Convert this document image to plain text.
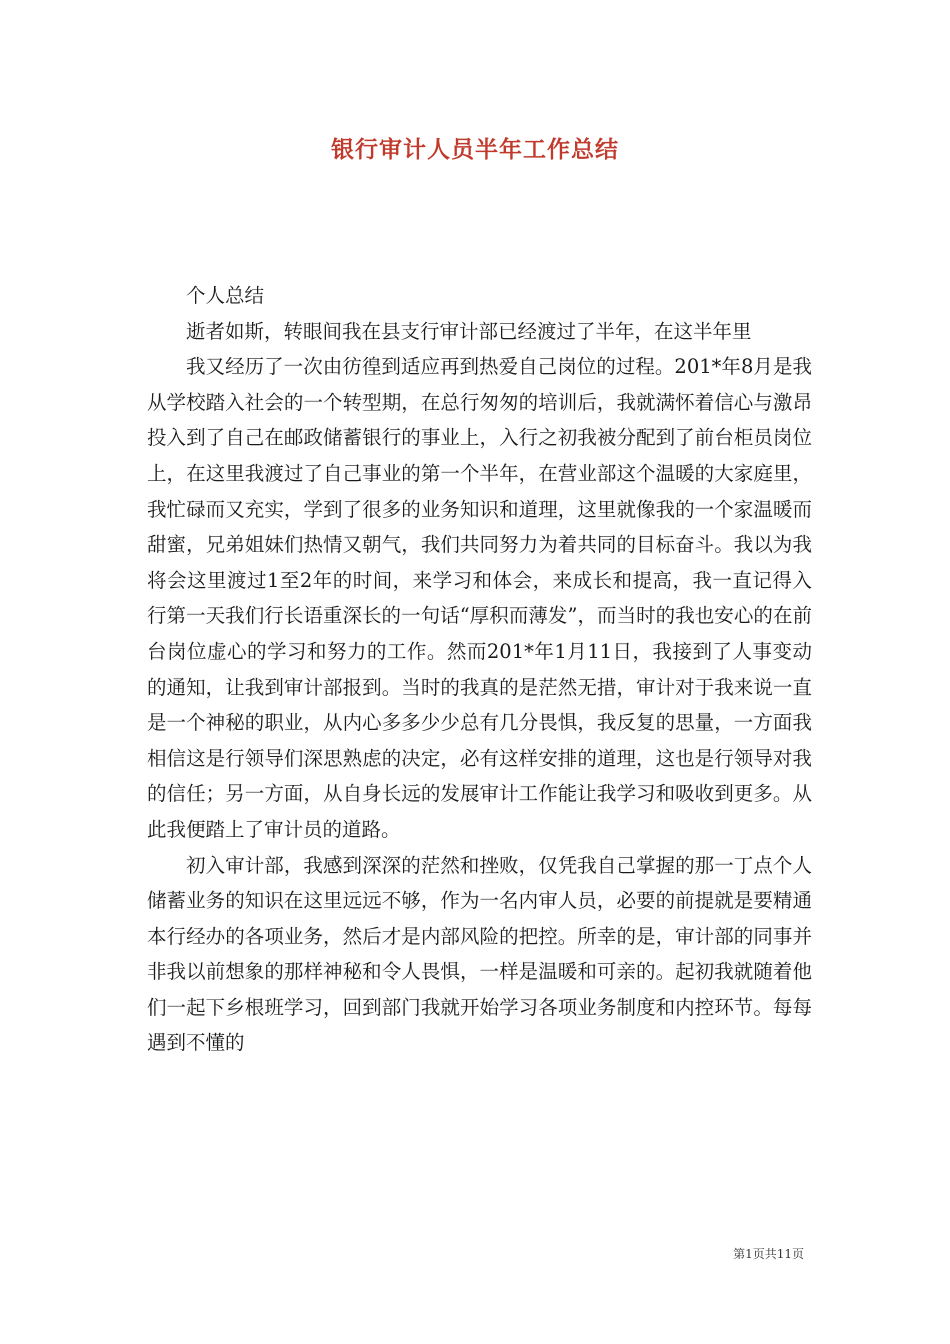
银行审计人员半年工作总结

个人总结

逝者如斯，转眼间我在县支行审计部已经渡过了半年，在这半年里

我又经历了一次由彷徨到适应再到热爱自己岗位的过程。201*年8月是我从学校踏入社会的一个转型期，在总行匆匆的培训后，我就满怀着信心与激昂投入到了自己在邮政储蓄银行的事业上，入行之初我被分配到了前台柜员岗位上，在这里我渡过了自己事业的第一个半年，在营业部这个温暖的大家庭里，我忙碌而又充实，学到了很多的业务知识和道理，这里就像我的一个家温暖而甜蜜，兄弟姐妹们热情又朝气，我们共同努力为着共同的目标奋斗。我以为我将会这里渡过1至2年的时间，来学习和体会，来成长和提高，我一直记得入行第一天我们行长语重深长的一句话“厚积而薄发”，而当时的我也安心的在前台岗位虚心的学习和努力的工作。然而201*年1月11日，我接到了人事变动的通知，让我到审计部报到。当时的我真的是茫然无措，审计对于我来说一直是一个神秘的职业，从内心多多少少总有几分畏惧，我反复的思量，一方面我相信这是行领导们深思熟虑的决定，必有这样安排的道理，这也是行领导对我的信任；另一方面，从自身长远的发展审计工作能让我学习和吸收到更多。从此我便踏上了审计员的道路。

初入审计部，我感到深深的茫然和挫败，仅凭我自己掌握的那一丁点个人储蓄业务的知识在这里远远不够，作为一名内审人员，必要的前提就是要精通本行经办的各项业务，然后才是内部风险的把控。所幸的是，审计部的同事并非我以前想象的那样神秘和令人畏惧，一样是温暖和可亲的。起初我就随着他们一起下乡根班学习，回到部门我就开始学习各项业务制度和内控环节。每每遇到不懂的

第1页共11页
